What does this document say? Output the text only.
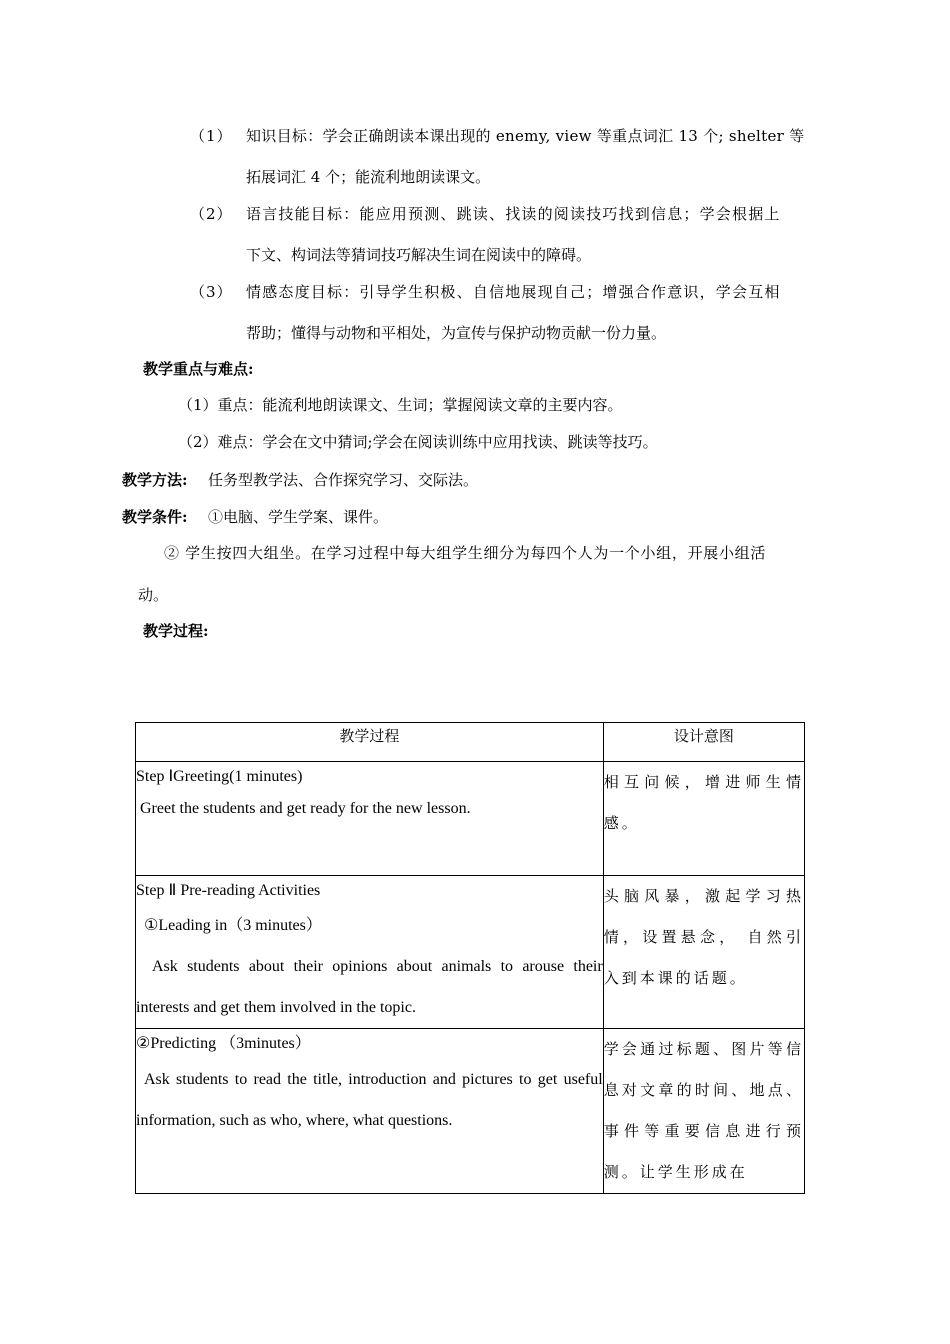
（1） 知识目标：学会正确朗读本课出现的 enemy, view 等重点词汇 13 个; shelter 等
拓展词汇 4 个；能流利地朗读课文。
（2） 语言技能目标：能应用预测、跳读、找读的阅读技巧找到信息；学会根据上
下文、构词法等猜词技巧解决生词在阅读中的障碍。
（3） 情感态度目标：引导学生积极、自信地展现自己；增强合作意识，学会互相
帮助；懂得与动物和平相处，为宣传与保护动物贡献一份力量。
教学重点与难点:
（1）重点：能流利地朗读课文、生词；掌握阅读文章的主要内容。
（2）难点：学会在文中猜词;学会在阅读训练中应用找读、跳读等技巧。
教学方法: 任务型教学法、合作探究学习、交际法。
教学条件: ①电脑、学生学案、课件。
② 学生按四大组坐。在学习过程中每大组学生细分为每四个人为一个小组，开展小组活
动。
教学过程:
教学过程	设计意图

Step ⅠGreeting(1 minutes)

Greet the students and get ready for the new lesson.	相互问候，增进师生情感。

Step Ⅱ Pre-reading Activities

①Leading in（3 minutes）

Ask students about their opinions about animals to arouse their interests and get them involved in the topic.	头脑风暴，激起学习热情，设置悬念， 自然引入到本课的话题。

②Predicting （3minutes）

Ask students to read the title, introduction and pictures to get useful information, such as who, where, what questions.	学会通过标题、图片等信息对文章的时间、地点、事件等重要信息进行预测。让学生形成在
